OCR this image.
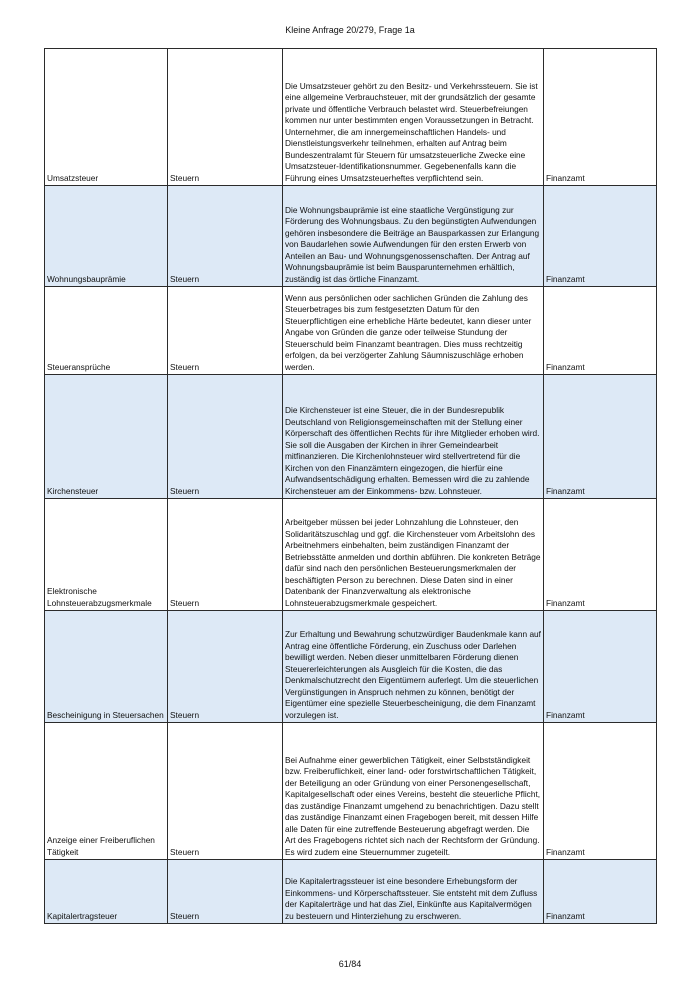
Kleine Anfrage 20/279, Frage 1a
Umsatzsteuer	Steuern	Die Umsatzsteuer gehört zu den Besitz- und Verkehrssteuern. Sie ist eine allgemeine Verbrauchsteuer, mit der grundsätzlich der gesamte private und öffentliche Verbrauch belastet wird. Steuerbefreiungen kommen nur unter bestimmten engen Voraussetzungen in Betracht. Unternehmer, die am innergemeinschaftlichen Handels- und Dienstleistungsverkehr teilnehmen, erhalten auf Antrag beim Bundeszentralamt für Steuern für umsatzsteuerliche Zwecke eine Umsatzsteuer-Identifikationsnummer. Gegebenenfalls kann die Führung eines Umsatzsteuerheftes verpflichtend sein.	Finanzamt
Wohnungsbauprämie	Steuern	Die Wohnungsbauprämie ist eine staatliche Vergünstigung zur Förderung des Wohnungsbaus. Zu den begünstigten Aufwendungen gehören insbesondere die Beiträge an Bausparkassen zur Erlangung von Baudarlehen sowie Aufwendungen für den ersten Erwerb von Anteilen an Bau- und Wohnungsgenossenschaften. Der Antrag auf Wohnungsbauprämie ist beim Bausparunternehmen erhältlich, zuständig ist das örtliche Finanzamt.	Finanzamt
Steueransprüche	Steuern	Wenn aus persönlichen oder sachlichen Gründen die Zahlung des Steuerbetrages bis zum festgesetzten Datum für den Steuerpflichtigen eine erhebliche Härte bedeutet, kann dieser unter Angabe von Gründen die ganze oder teilweise Stundung der Steuerschuld beim Finanzamt beantragen. Dies muss rechtzeitig erfolgen, da bei verzögerter Zahlung Säumniszuschläge erhoben werden.	Finanzamt
Kirchensteuer	Steuern	Die Kirchensteuer ist eine Steuer, die in der Bundesrepublik Deutschland von Religionsgemeinschaften mit der Stellung einer Körperschaft des öffentlichen Rechts für ihre Mitglieder erhoben wird. Sie soll die Ausgaben der Kirchen in ihrer Gemeindearbeit mitfinanzieren. Die Kirchenlohnsteuer wird stellvertretend für die Kirchen von den Finanzämtern eingezogen, die hierfür eine Aufwandsentschädigung erhalten. Bemessen wird die zu zahlende Kirchensteuer am der Einkommens- bzw. Lohnsteuer.	Finanzamt
Elektronische Lohnsteuerabzugsmerkmale	Steuern	Arbeitgeber müssen bei jeder Lohnzahlung die Lohnsteuer, den Solidaritätszuschlag und ggf. die Kirchensteuer vom Arbeitslohn des Arbeitnehmers einbehalten, beim zuständigen Finanzamt der Betriebsstätte anmelden und dorthin abführen. Die konkreten Beträge dafür sind nach den persönlichen Besteuerungsmerkmalen der beschäftigten Person zu berechnen. Diese Daten sind in einer Datenbank der Finanzverwaltung als elektronische Lohnsteuerabzugsmerkmale gespeichert.	Finanzamt
Bescheinigung in Steuersachen	Steuern	Zur Erhaltung und Bewahrung schutzwürdiger Baudenkmale kann auf Antrag eine öffentliche Förderung, ein Zuschuss oder Darlehen bewilligt werden. Neben dieser unmittelbaren Förderung dienen Steuererleichterungen als Ausgleich für die Kosten, die das Denkmalschutzrecht den Eigentümern auferlegt. Um die steuerlichen Vergünstigungen in Anspruch nehmen zu können, benötigt der Eigentümer eine spezielle Steuerbescheinigung, die dem Finanzamt vorzulegen ist.	Finanzamt
Anzeige einer Freiberuflichen Tätigkeit	Steuern	Bei Aufnahme einer gewerblichen Tätigkeit, einer Selbstständigkeit bzw. Freiberuflichkeit, einer land- oder forstwirtschaftlichen Tätigkeit, der Beteiligung an oder Gründung von einer Personengesellschaft, Kapitalgesellschaft oder eines Vereins, besteht die steuerliche Pflicht, das zuständige Finanzamt umgehend zu benachrichtigen. Dazu stellt das zuständige Finanzamt einen Fragebogen bereit, mit dessen Hilfe alle Daten für eine zutreffende Besteuerung abgefragt werden. Die Art des Fragebogens richtet sich nach der Rechtsform der Gründung. Es wird zudem eine Steuernummer zugeteilt.	Finanzamt
Kapitalertragsteuer	Steuern	Die Kapitalertragssteuer ist eine besondere Erhebungsform der Einkommens- und Körperschaftssteuer. Sie entsteht mit dem Zufluss der Kapitalerträge und hat das Ziel, Einkünfte aus Kapitalvermögen zu besteuern und Hinterziehung zu erschweren.	Finanzamt
61/84
